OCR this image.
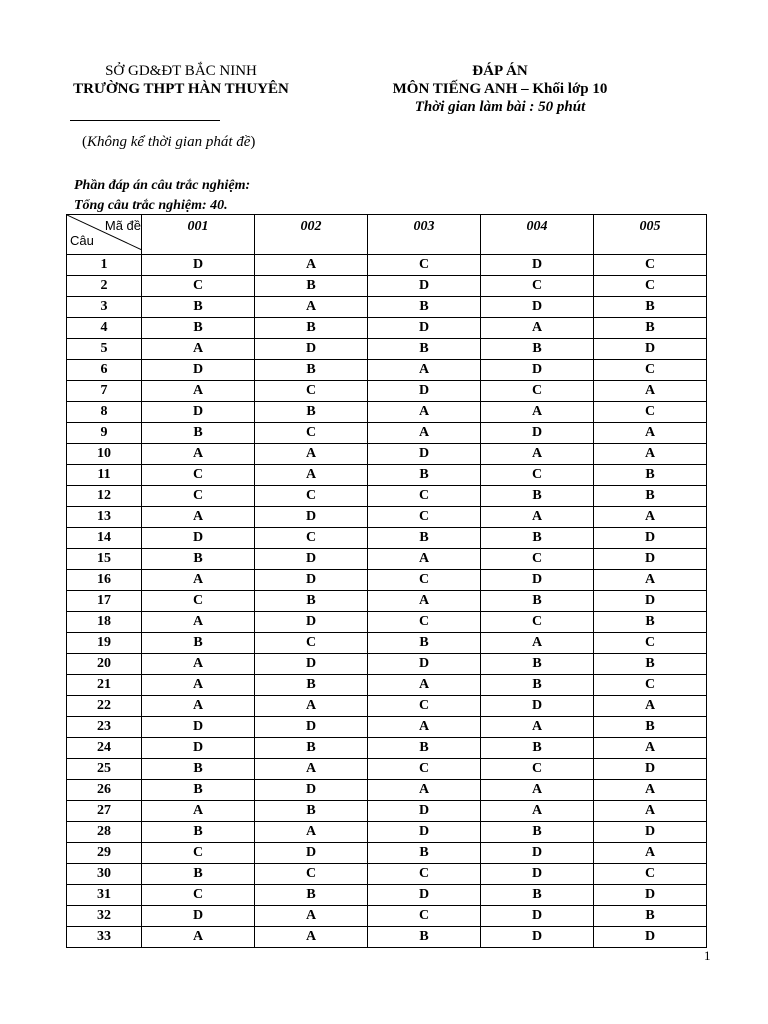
SỞ GD&ĐT BẮC NINH
TRƯỜNG THPT HÀN THUYÊN
ĐÁP ÁN
MÔN TIẾNG ANH – Khối lớp 10
Thời gian làm bài : 50 phút
(Không kể thời gian phát đề)
Phần đáp án câu trắc nghiệm:
Tổng câu trắc nghiệm: 40.
Mã đề
Câu	001	002	003	004	005
1	D	A	C	D	C
2	C	B	D	C	C
3	B	A	B	D	B
4	B	B	D	A	B
5	A	D	B	B	D
6	D	B	A	D	C
7	A	C	D	C	A
8	D	B	A	A	C
9	B	C	A	D	A
10	A	A	D	A	A
11	C	A	B	C	B
12	C	C	C	B	B
13	A	D	C	A	A
14	D	C	B	B	D
15	B	D	A	C	D
16	A	D	C	D	A
17	C	B	A	B	D
18	A	D	C	C	B
19	B	C	B	A	C
20	A	D	D	B	B
21	A	B	A	B	C
22	A	A	C	D	A
23	D	D	A	A	B
24	D	B	B	B	A
25	B	A	C	C	D
26	B	D	A	A	A
27	A	B	D	A	A
28	B	A	D	B	D
29	C	D	B	D	A
30	B	C	C	D	C
31	C	B	D	B	D
32	D	A	C	D	B
33	A	A	B	D	D
1
